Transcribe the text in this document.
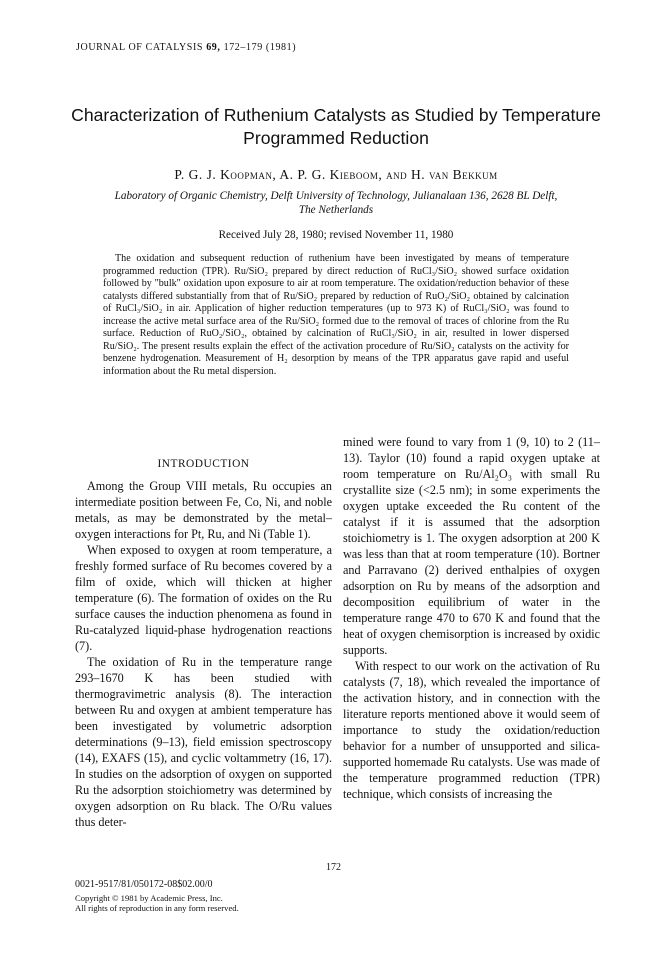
JOURNAL OF CATALYSIS 69, 172–179 (1981)
Characterization of Ruthenium Catalysts as Studied by Temperature
Programmed Reduction
P. G. J. Koopman, A. P. G. Kieboom, and H. van Bekkum
Laboratory of Organic Chemistry, Delft University of Technology, Julianalaan 136, 2628 BL Delft,
The Netherlands
Received July 28, 1980; revised November 11, 1980

The oxidation and subsequent reduction of ruthenium have been investigated by means of temperature programmed reduction (TPR). Ru/SiO₂ prepared by direct reduction of RuCl₃/SiO₂ showed surface oxidation followed by "bulk" oxidation upon exposure to air at room temperature. The oxidation/reduction behavior of these catalysts differed substantially from that of Ru/SiO₂ prepared by reduction of RuO₂/SiO₂ obtained by calcination of RuCl₃/SiO₂ in air. Application of higher reduction temperatures (up to 973 K) of RuCl₃/SiO₂ was found to increase the active metal surface area of the Ru/SiO₂ formed due to the removal of traces of chlorine from the Ru surface. Reduction of RuO₂/SiO₂, obtained by calcination of RuCl₃/SiO₂ in air, resulted in lower dispersed Ru/SiO₂. The present results explain the effect of the activation procedure of Ru/SiO₂ catalysts on the activity for benzene hydrogenation. Measurement of H₂ desorption by means of the TPR apparatus gave rapid and useful information about the Ru metal dispersion.

INTRODUCTION

Among the Group VIII metals, Ru occupies an intermediate position between Fe, Co, Ni, and noble metals, as may be demonstrated by the metal–oxygen interactions for Pt, Ru, and Ni (Table 1).

When exposed to oxygen at room temperature, a freshly formed surface of Ru becomes covered by a film of oxide, which will thicken at higher temperature (6). The formation of oxides on the Ru surface causes the induction phenomena as found in Ru-catalyzed liquid-phase hydrogenation reactions (7).

The oxidation of Ru in the temperature range 293–1670 K has been studied with thermogravimetric analysis (8). The interaction between Ru and oxygen at ambient temperature has been investigated by volumetric adsorption determinations (9–13), field emission spectroscopy (14), EXAFS (15), and cyclic voltammetry (16, 17). In studies on the adsorption of oxygen on supported Ru the adsorption stoichiometry was determined by oxygen adsorption on Ru black. The O/Ru values thus deter-

mined were found to vary from 1 (9, 10) to 2 (11–13). Taylor (10) found a rapid oxygen uptake at room temperature on Ru/Al₂O₃ with small Ru crystallite size (<2.5 nm); in some experiments the oxygen uptake exceeded the Ru content of the catalyst if it is assumed that the adsorption stoichiometry is 1. The oxygen adsorption at 200 K was less than that at room temperature (10). Bortner and Parravano (2) derived enthalpies of oxygen adsorption on Ru by means of the adsorption and decomposition equilibrium of water in the temperature range 470 to 670 K and found that the heat of oxygen chemisorption is increased by oxidic supports.

With respect to our work on the activation of Ru catalysts (7, 18), which revealed the importance of the activation history, and in connection with the literature reports mentioned above it would seem of importance to study the oxidation/reduction behavior for a number of unsupported and silica-supported homemade Ru catalysts. Use was made of the temperature programmed reduction (TPR) technique, which consists of increasing the

172
0021-9517/81/050172-08$02.00/0
Copyright © 1981 by Academic Press, Inc.
All rights of reproduction in any form reserved.
